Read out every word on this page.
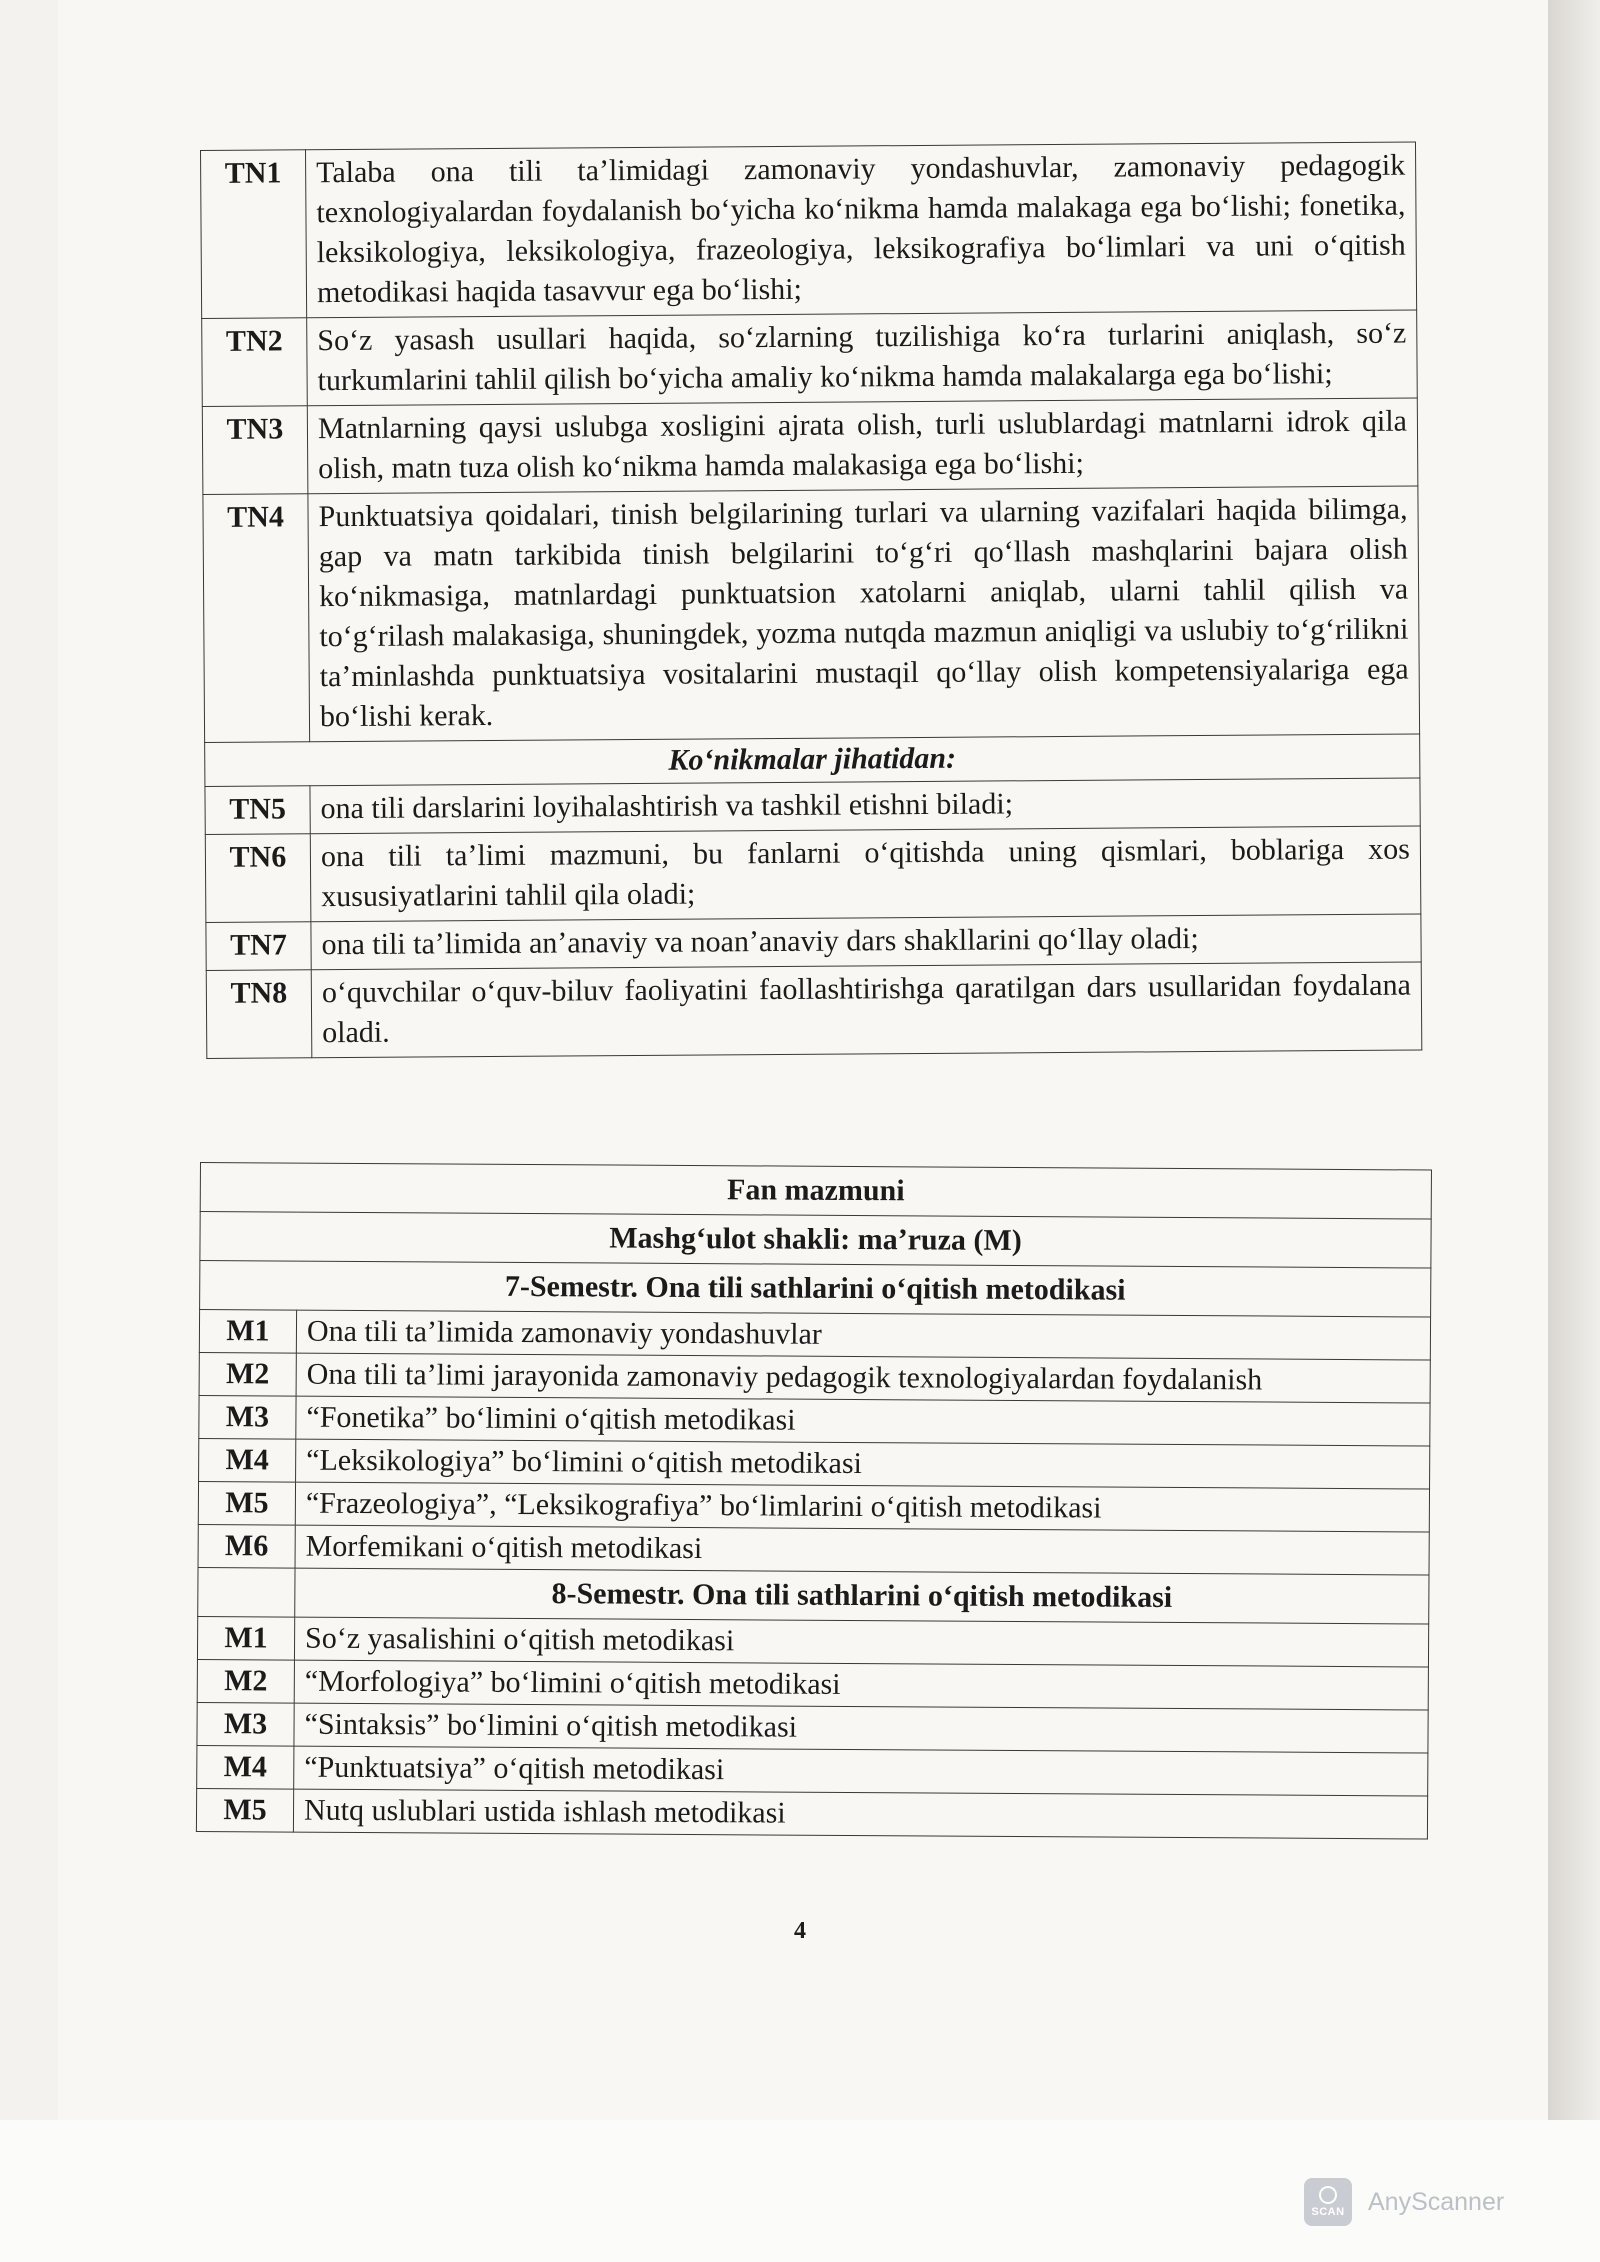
TN1	Talaba ona tili ta’limidagi zamonaviy yondashuvlar, zamonaviy pedagogik texnologiyalardan foydalanish bo‘yicha ko‘nikma hamda malakaga ega bo‘lishi; fonetika, leksikologiya, leksikologiya, frazeologiya, leksikografiya bo‘limlari va uni o‘qitish metodikasi haqida tasavvur ega bo‘lishi;
TN2	So‘z yasash usullari haqida, so‘zlarning tuzilishiga ko‘ra turlarini aniqlash, so‘z turkumlarini tahlil qilish bo‘yicha amaliy ko‘nikma hamda malakalarga ega bo‘lishi;
TN3	Matnlarning qaysi uslubga xosligini ajrata olish, turli uslublardagi matnlarni idrok qila olish, matn tuza olish ko‘nikma hamda malakasiga ega bo‘lishi;
TN4	Punktuatsiya qoidalari, tinish belgilarining turlari va ularning vazifalari haqida bilimga, gap va matn tarkibida tinish belgilarini to‘g‘ri qo‘llash mashqlarini bajara olish ko‘nikmasiga, matnlardagi punktuatsion xatolarni aniqlab, ularni tahlil qilish va to‘g‘rilash malakasiga, shuningdek, yozma nutqda mazmun aniqligi va uslubiy to‘g‘rilikni ta’minlashda punktuatsiya vositalarini mustaqil qo‘llay olish kompetensiyalariga ega bo‘lishi kerak.
Ko‘nikmalar jihatidan:	
TN5	ona tili darslarini loyihalashtirish va tashkil etishni biladi;
TN6	ona tili ta’limi mazmuni, bu fanlarni o‘qitishda uning qismlari, boblariga xos xususiyatlarini tahlil qila oladi;
TN7	ona tili ta’limida an’anaviy va noan’anaviy dars shakllarini qo‘llay oladi;
TN8	o‘quvchilar o‘quv-biluv faoliyatini faollashtirishga qaratilgan dars usullaridan foydalana oladi.
Fan mazmuni	
Mashg‘ulot shakli: ma’ruza (M)	
7-Semestr. Ona tili sathlarini o‘qitish metodikasi	
M1	Ona tili ta’limida zamonaviy yondashuvlar
M2	Ona tili ta’limi jarayonida zamonaviy pedagogik texnologiyalardan foydalanish
M3	“Fonetika” bo‘limini o‘qitish metodikasi
M4	“Leksikologiya” bo‘limini o‘qitish metodikasi
M5	“Frazeologiya”, “Leksikografiya” bo‘limlarini o‘qitish metodikasi
M6	Morfemikani o‘qitish metodikasi
	8-Semestr. Ona tili sathlarini o‘qitish metodikasi
M1	So‘z yasalishini o‘qitish metodikasi
M2	“Morfologiya” bo‘limini o‘qitish metodikasi
M3	“Sintaksis” bo‘limini o‘qitish metodikasi
M4	“Punktuatsiya” o‘qitish metodikasi
M5	Nutq uslublari ustida ishlash metodikasi
4
SCAN AnyScanner
